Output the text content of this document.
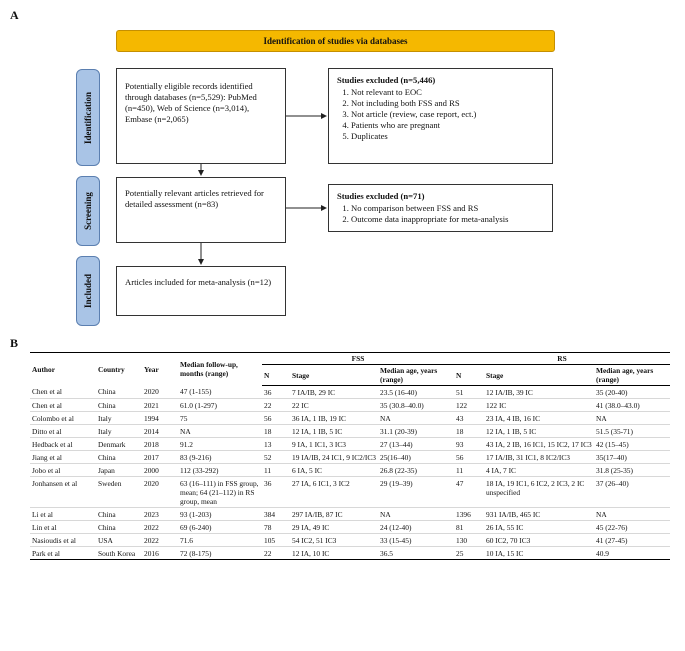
A
Identification of studies via databases
Identification
Screening
Included
Potentially eligible records identified through databases (n=5,529): PubMed (n=450), Web of Science (n=3,014), Embase (n=2,065)
Studies excluded (n=5,446)
1. Not relevant to EOC
2. Not including both FSS and RS
3. Not article (review, case report, ect.)
4. Patients who are pregnant
5. Duplicates
Potentially relevant articles retrieved for detailed assessment (n=83)
Studies excluded (n=71)
1. No comparison between FSS and RS
2. Outcome data inappropriate for meta-analysis
Articles included for meta-analysis (n=12)
B
Author	Country	Year	Median follow-up, months (range)	FSS			RS		
				N	Stage	Median age, years (range)	N	Stage	Median age, years (range)
Chen et al	China	2020	47 (1-155)	36	7 IA/IB, 29 IC	23.5 (16-40)	51	12 IA/IB, 39 IC	35 (20-40)
Chen et al	China	2021	61.0 (1-297)	22	22 IC	35 (30.8–40.0)	122	122 IC	41 (38.0–43.0)
Colombo et al	Italy	1994	75	56	36 IA, 1 IB, 19 IC	NA	43	23 IA, 4 IB, 16 IC	NA
Ditto et al	Italy	2014	NA	18	12 IA, 1 IB, 5 IC	31.1 (20-39)	18	12 IA, 1 IB, 5 IC	51.5 (35-71)
Hedback et al	Denmark	2018	91.2	13	9 IA, 1 IC1, 3 IC3	27 (13–44)	93	43 IA, 2 IB, 16 IC1, 15 IC2, 17 IC3	42 (15–45)
Jiang et al	China	2017	83 (9-216)	52	19 IA/IB, 24 IC1, 9 IC2/IC3	25(16–40)	56	17 IA/IB, 31 IC1, 8 IC2/IC3	35(17–40)
Jobo et al	Japan	2000	112 (33-292)	11	6 IA, 5 IC	26.8 (22-35)	11	4 IA, 7 IC	31.8 (25-35)
Jonhansen et al	Sweden	2020	63 (16–111) in FSS group, mean; 64 (21–112) in RS group, mean	36	27 IA, 6 IC1, 3 IC2	29 (19–39)	47	18 IA, 19 IC1, 6 IC2, 2 IC3, 2 IC unspecified	37 (26–40)
Li et al	China	2023	93 (1-203)	384	297 IA/IB, 87 IC	NA	1396	931 IA/IB, 465 IC	NA
Lin et al	China	2022	69 (6-240)	78	29 IA, 49 IC	24 (12-40)	81	26 IA, 55 IC	45 (22-76)
Nasioudis et al	USA	2022	71.6	105	54 IC2, 51 IC3	33 (15-45)	130	60 IC2, 70 IC3	41 (27-45)
Park et al	South Korea	2016	72 (8-175)	22	12 IA, 10 IC	36.5	25	10 IA, 15 IC	40.9
